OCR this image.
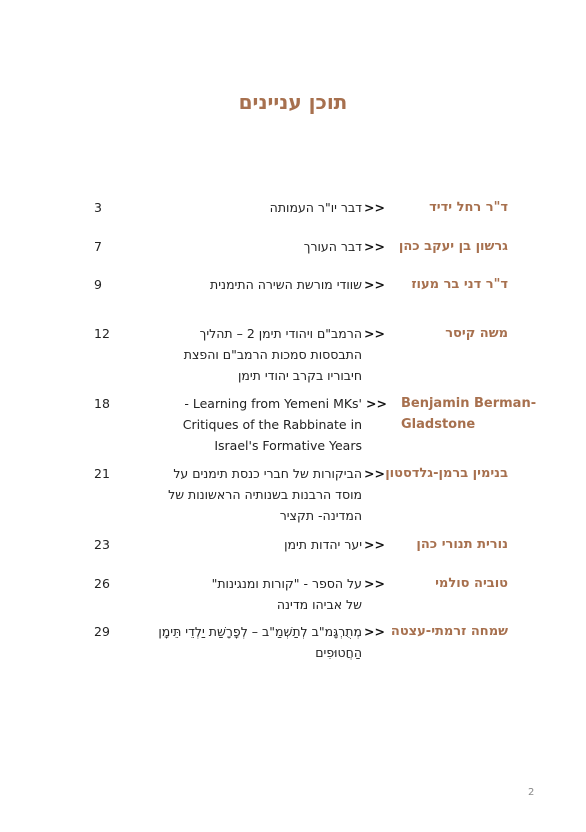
תוכן עניינים
ד"ר רחל ידיד
>>
דבר יו"ר העמותה
3
גרשון בן יעקב כהן
>>
דבר העורך
7
ד"ר דני בר מעוז
>>
שוודי מורשת השירה התימנית
9
משה קיסר
>>
הרמב"ם ויהודי תימן 2 – תהליך
התבססות סמכות הרמב"ם והפצת
חיבוריו בקרב יהודי תימן
12
Benjamin Berman-
Gladstone
>>
- Learning from Yemeni MKs'
Critiques of the Rabbinate in
Israel's Formative Years
18
בנימין ברמן-גלדסטון
>>
הביקורות של חברי כנסת תימנים על
מוסד הרבנות בשנותיה הראשונות של
המדינה- תקציר
21
נורית תנורי כהן
>>
יער יהדות תימן
23
טוביה סולמי
>>
על הספר - "קורות ומנגינות"
של אביהו מדינה
26
שמחה זרמתי-עצטה
>>
מְתֻרְגָּמ"ב לְתַשְׁמַ"ב – לְפָרָשַׁת יַלְדֵי תֵּימָן
הַחֲטוּפִים
29
2
